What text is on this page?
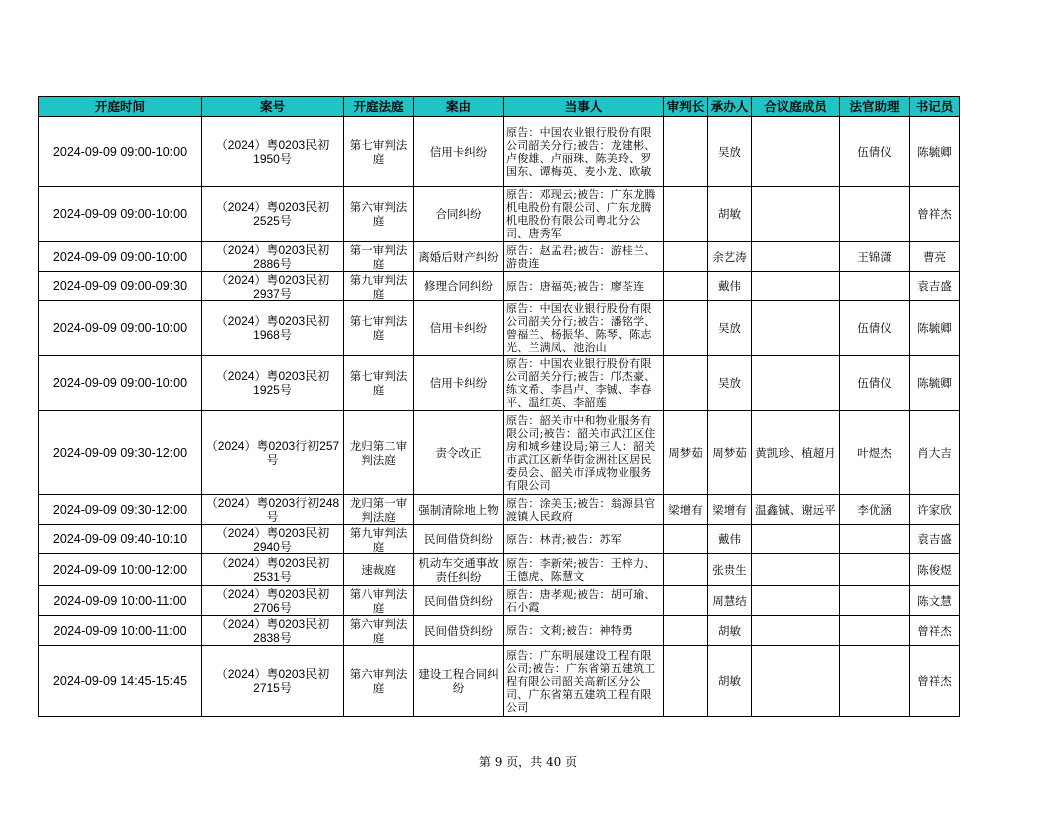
开庭时间	案号	开庭法庭	案由	当事人	审判长	承办人	合议庭成员	法官助理	书记员

2024-09-09 09:00-10:00	（2024）粤0203民初1950号	第七审判法庭	信用卡纠纷	原告：中国农业银行股份有限公司韶关分行;被告：龙建彬、卢俊雄、卢丽珠、陈美玲、罗国东、谭梅英、麦小龙、欧敏		吴放		伍倩仪	陈毓卿

2024-09-09 09:00-10:00	（2024）粤0203民初2525号	第六审判法庭	合同纠纷	原告：邓现云;被告：广东龙腾机电股份有限公司、广东龙腾机电股份有限公司粤北分公司、唐秀军		胡敏			曾祥杰

2024-09-09 09:00-10:00	（2024）粤0203民初2886号	第一审判法庭	离婚后财产纠纷	原告：赵孟君;被告：游桂兰、游贵连		余艺涛		王锦潇	曹亮

2024-09-09 09:00-09:30	（2024）粤0203民初2937号	第九审判法庭	修理合同纠纷	原告：唐福英;被告：廖荃连		戴伟			袁吉盛

2024-09-09 09:00-10:00	（2024）粤0203民初1968号	第七审判法庭	信用卡纠纷	原告：中国农业银行股份有限公司韶关分行;被告：潘铭学、曾福兰、杨振华、陈琴、陈志光、兰满凤、池治山		吴放		伍倩仪	陈毓卿

2024-09-09 09:00-10:00	（2024）粤0203民初1925号	第七审判法庭	信用卡纠纷	原告：中国农业银行股份有限公司韶关分行;被告：邝杰豪、练文希、李昌卢、李铖、李春平、温红英、李韶莲		吴放		伍倩仪	陈毓卿

2024-09-09 09:30-12:00	（2024）粤0203行初257号	龙归第二审判法庭	责令改正	原告：韶关市中和物业服务有限公司;被告：韶关市武江区住房和城乡建设局;第三人：韶关市武江区新华街金洲社区居民委员会、韶关市泽成物业服务有限公司	周梦茹	周梦茹	黄凯珍、植超月	叶煜杰	肖大吉

2024-09-09 09:30-12:00	（2024）粤0203行初248号	龙归第一审判法庭	强制清除地上物	原告：涂美玉;被告：翁源县官渡镇人民政府	梁增有	梁增有	温鑫铖、谢远平	李优涵	许家欣

2024-09-09 09:40-10:10	（2024）粤0203民初2940号	第九审判法庭	民间借贷纠纷	原告：林青;被告：苏军		戴伟			袁吉盛

2024-09-09 10:00-12:00	（2024）粤0203民初2531号	速裁庭	机动车交通事故责任纠纷	原告：李新荣;被告：王梓力、王德虎、陈慧文		张贵生			陈俊煜

2024-09-09 10:00-11:00	（2024）粤0203民初2706号	第八审判法庭	民间借贷纠纷	原告：唐孝观;被告：胡可瑜、石小霞		周慧结			陈文慧

2024-09-09 10:00-11:00	（2024）粤0203民初2838号	第六审判法庭	民间借贷纠纷	原告：文莉;被告：神特勇		胡敏			曾祥杰

2024-09-09 14:45-15:45	（2024）粤0203民初2715号	第六审判法庭	建设工程合同纠纷	原告：广东明展建设工程有限公司;被告：广东省第五建筑工程有限公司韶关高新区分公司、广东省第五建筑工程有限公司		胡敏			曾祥杰
第 9 页，共 40 页
